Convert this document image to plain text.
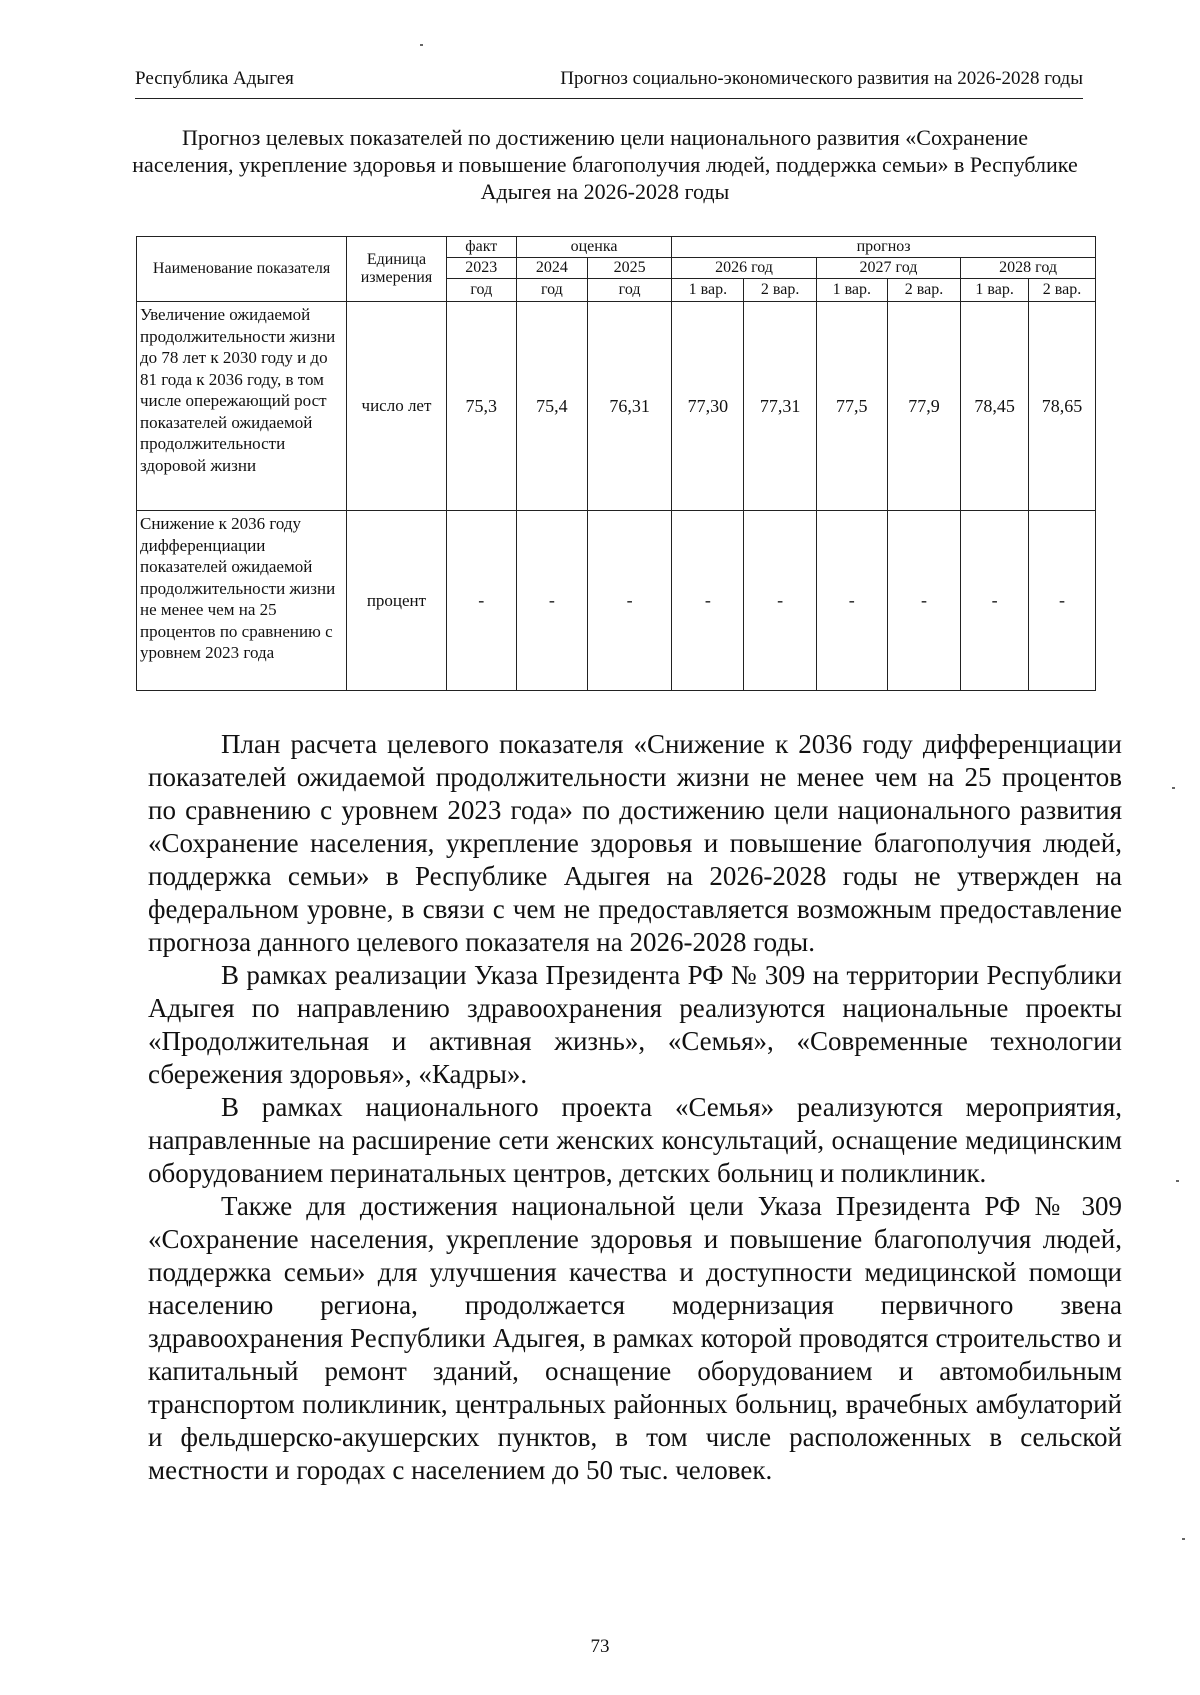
Республика Адыгея	Прогноз социально-экономического развития на 2026-2028 годы
Прогноз целевых показателей по достижению цели национального развития «Сохранение населения, укрепление здоровья и повышение благополучия людей, поддержка семьи» в Республике Адыгея на 2026-2028 годы
Наименование показателя	Единица измерения	факт	оценка		прогноз					
		2023	2024	2025	2026 год		2027 год		2028 год	
		год	год	год	1 вар.	2 вар.	1 вар.	2 вар.	1 вар.	2 вар.
Увеличение ожидаемой продолжительности жизни до 78 лет к 2030 году и до 81 года к 2036 году, в том числе опережающий рост показателей ожидаемой продолжительности здоровой жизни	число лет	75,3	75,4	76,31	77,30	77,31	77,5	77,9	78,45	78,65
Снижение к 2036 году дифференциации показателей ожидаемой продолжительности жизни не менее чем на 25 процентов по сравнению с уровнем 2023 года	процент	-	-	-	-	-	-	-	-	-

План расчета целевого показателя «Снижение к 2036 году дифференциации показателей ожидаемой продолжительности жизни не менее чем на 25 процентов по сравнению с уровнем 2023 года» по достижению цели национального развития «Сохранение населения, укрепление здоровья и повышение благополучия людей, поддержка семьи» в Республике Адыгея на 2026-2028 годы не утвержден на федеральном уровне, в связи с чем не предоставляется возможным предоставление прогноза данного целевого показателя на 2026-2028 годы.

В рамках реализации Указа Президента РФ № 309 на территории Республики Адыгея по направлению здравоохранения реализуются национальные проекты «Продолжительная и активная жизнь», «Семья», «Современные технологии сбережения здоровья», «Кадры».

В рамках национального проекта «Семья» реализуются мероприятия, направленные на расширение сети женских консультаций, оснащение медицинским оборудованием перинатальных центров, детских больниц и поликлиник.

Также для достижения национальной цели Указа Президента РФ № 309 «Сохранение населения, укрепление здоровья и повышение благополучия людей, поддержка семьи» для улучшения качества и доступности медицинской помощи населению региона, продолжается модернизация первичного звена здравоохранения Республики Адыгея, в рамках которой проводятся строительство и капитальный ремонт зданий, оснащение оборудованием и автомобильным транспортом поликлиник, центральных районных больниц, врачебных амбулаторий и фельдшерско-акушерских пунктов, в том числе расположенных в сельской местности и городах с населением до 50 тыс. человек.

73
